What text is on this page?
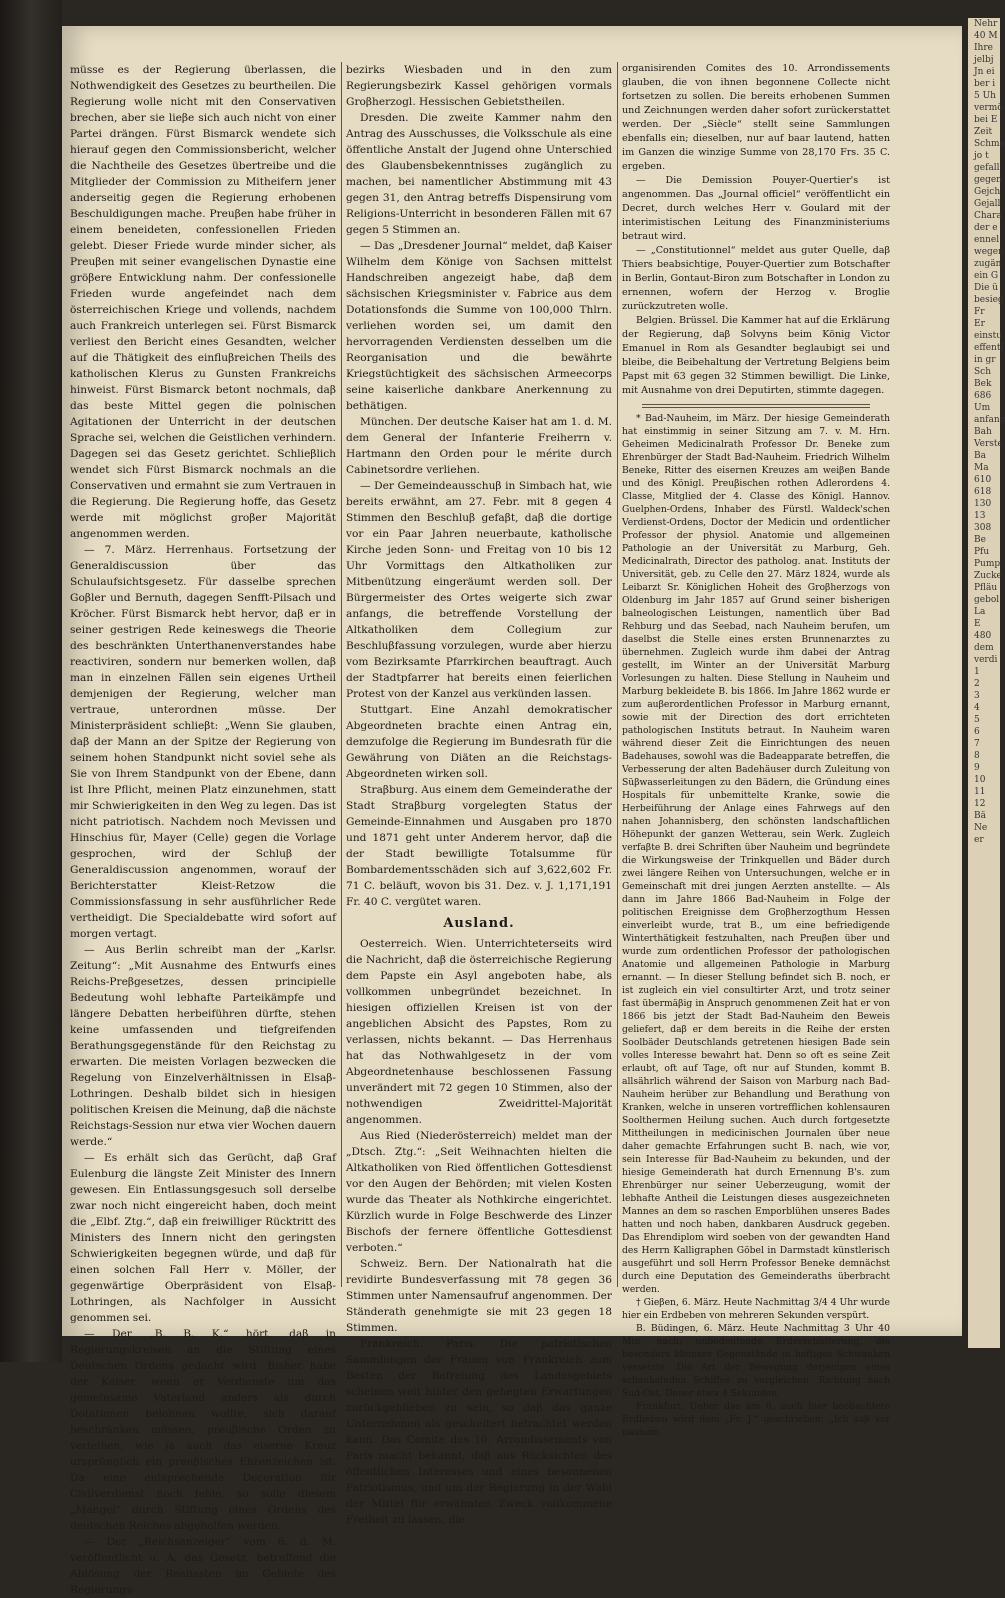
müsse es der Regierung überlassen, die Nothwendigkeit des Gesetzes zu beurtheilen. Die Regierung wolle nicht mit den Conservativen brechen, aber sie lieβe sich auch nicht von einer Partei drängen. Fürst Bismarck wendete sich hierauf gegen den Commissionsbericht, welcher die Nachtheile des Gesetzes übertreibe und die Mitglieder der Commission zu Mitheifern jener anderseitig gegen die Regierung erhobenen Beschuldigungen mache. Preuβen habe früher in einem beneideten, confessionellen Frieden gelebt. Dieser Friede wurde minder sicher, als Preuβen mit seiner evangelischen Dynastie eine gröβere Entwicklung nahm. Der confessionelle Frieden wurde angefeindet nach dem österreichischen Kriege und vollends, nachdem auch Frankreich unterlegen sei. Fürst Bismarck verliest den Bericht eines Gesandten, welcher auf die Thätigkeit des einfluβreichen Theils des katholischen Klerus zu Gunsten Frankreichs hinweist. Fürst Bismarck betont nochmals, daβ das beste Mittel gegen die polnischen Agitationen der Unterricht in der deutschen Sprache sei, welchen die Geistlichen verhindern. Dagegen sei das Gesetz gerichtet. Schlieβlich wendet sich Fürst Bismarck nochmals an die Conservativen und ermahnt sie zum Vertrauen in die Regierung. Die Regierung hoffe, das Gesetz werde mit möglichst groβer Majorität angenommen werden.

— 7. März. Herrenhaus. Fortsetzung der Generaldiscussion über das Schulaufsichtsgesetz. Für dasselbe sprechen Goβler und Bernuth, dagegen Senfft-Pilsach und Kröcher. Fürst Bismarck hebt hervor, daβ er in seiner gestrigen Rede keineswegs die Theorie des beschränkten Unterthanenverstandes habe reactiviren, sondern nur bemerken wollen, daβ man in einzelnen Fällen sein eigenes Urtheil demjenigen der Regierung, welcher man vertraue, unterordnen müsse. Der Ministerpräsident schlieβt: „Wenn Sie glauben, daβ der Mann an der Spitze der Regierung von seinem hohen Standpunkt nicht soviel sehe als Sie von Ihrem Standpunkt von der Ebene, dann ist Ihre Pflicht, meinen Platz einzunehmen, statt mir Schwierigkeiten in den Weg zu legen. Das ist nicht patriotisch. Nachdem noch Mevissen und Hinschius für, Mayer (Celle) gegen die Vorlage gesprochen, wird der Schluβ der Generaldiscussion angenommen, worauf der Berichterstatter Kleist-Retzow die Commissionsfassung in sehr ausführlicher Rede vertheidigt. Die Specialdebatte wird sofort auf morgen vertagt.

— Aus Berlin schreibt man der „Karlsr. Zeitung“: „Mit Ausnahme des Entwurfs eines Reichs-Preβgesetzes, dessen principielle Bedeutung wohl lebhafte Parteikämpfe und längere Debatten herbeiführen dürfte, stehen keine umfassenden und tiefgreifenden Berathungsgegenstände für den Reichstag zu erwarten. Die meisten Vorlagen bezwecken die Regelung von Einzelverhältnissen in Elsaβ-Lothringen. Deshalb bildet sich in hiesigen politischen Kreisen die Meinung, daβ die nächste Reichstags-Session nur etwa vier Wochen dauern werde.“

— Es erhält sich das Gerücht, daβ Graf Eulenburg die längste Zeit Minister des Innern gewesen. Ein Entlassungsgesuch soll derselbe zwar noch nicht eingereicht haben, doch meint die „Elbf. Ztg.“, daβ ein freiwilliger Rücktritt des Ministers des Innern nicht den geringsten Schwierigkeiten begegnen würde, und daβ für einen solchen Fall Herr v. Möller, der gegenwärtige Oberpräsident von Elsaβ-Lothringen, als Nachfolger in Aussicht genommen sei.

— Der „B. B. K.“ hört, daβ in Regierungskreisen an die Stiftung eines Deutschen Ordens gedacht wird. Bisher habe der Kaiser, wenn er Verdienste um das gemeinsame Vaterland anders als durch Dotationen belohnen wollte, sich darauf beschränken müssen, preuβische Orden zu verleihen, wie ja auch das eiserne Kreuz ursprünglich ein preuβisches Ehrenzeichen ist. Da eine entsprechende Decoration für Civilverdienst noch fehle, so solle diesem „Mangel“ durch Stiftung eines Ordens des deutschen Reiches abgeholfen werden.

— Der „Reichsanzeiger“ vom 6. d. M. veröffentlicht u. A. das Gesetz, betreffend die Ablösung der Reallasten im Gebiete des Regierungs-

bezirks Wiesbaden und in den zum Regierungsbezirk Kassel gehörigen vormals Groβherzogl. Hessischen Gebietstheilen.

Dresden. Die zweite Kammer nahm den Antrag des Ausschusses, die Volksschule als eine öffentliche Anstalt der Jugend ohne Unterschied des Glaubensbekenntnisses zugänglich zu machen, bei namentlicher Abstimmung mit 43 gegen 31, den Antrag betreffs Dispensirung vom Religions-Unterricht in besonderen Fällen mit 67 gegen 5 Stimmen an.

— Das „Dresdener Journal“ meldet, daβ Kaiser Wilhelm dem Könige von Sachsen mittelst Handschreiben angezeigt habe, daβ dem sächsischen Kriegsminister v. Fabrice aus dem Dotationsfonds die Summe von 100,000 Thlrn. verliehen worden sei, um damit den hervorragenden Verdiensten desselben um die Reorganisation und die bewährte Kriegstüchtigkeit des sächsischen Armeecorps seine kaiserliche dankbare Anerkennung zu bethätigen.

München. Der deutsche Kaiser hat am 1. d. M. dem General der Infanterie Freiherrn v. Hartmann den Orden pour le mérite durch Cabinetsordre verliehen.

— Der Gemeindeausschuβ in Simbach hat, wie bereits erwähnt, am 27. Febr. mit 8 gegen 4 Stimmen den Beschluβ gefaβt, daβ die dortige vor ein Paar Jahren neuerbaute, katholische Kirche jeden Sonn- und Freitag von 10 bis 12 Uhr Vormittags den Altkatholiken zur Mitbenützung eingeräumt werden soll. Der Bürgermeister des Ortes weigerte sich zwar anfangs, die betreffende Vorstellung der Altkatholiken dem Collegium zur Beschluβfassung vorzulegen, wurde aber hierzu vom Bezirksamte Pfarrkirchen beauftragt. Auch der Stadtpfarrer hat bereits einen feierlichen Protest von der Kanzel aus verkünden lassen.

Stuttgart. Eine Anzahl demokratischer Abgeordneten brachte einen Antrag ein, demzufolge die Regierung im Bundesrath für die Gewährung von Diäten an die Reichstags-Abgeordneten wirken soll.

Straβburg. Aus einem dem Gemeinderathe der Stadt Straβburg vorgelegten Status der Gemeinde-Einnahmen und Ausgaben pro 1870 und 1871 geht unter Anderem hervor, daβ die der Stadt bewilligte Totalsumme für Bombardementsschäden sich auf 3,622,602 Fr. 71 C. beläuft, wovon bis 31. Dez. v. J. 1,171,191 Fr. 40 C. vergütet waren.

Ausland.

Oesterreich. Wien. Unterrichteterseits wird die Nachricht, daβ die österreichische Regierung dem Papste ein Asyl angeboten habe, als vollkommen unbegründet bezeichnet. In hiesigen offiziellen Kreisen ist von der angeblichen Absicht des Papstes, Rom zu verlassen, nichts bekannt. — Das Herrenhaus hat das Nothwahlgesetz in der vom Abgeordnetenhause beschlossenen Fassung unverändert mit 72 gegen 10 Stimmen, also der nothwendigen Zweidrittel-Majorität angenommen.

Aus Ried (Niederösterreich) meldet man der „Dtsch. Ztg.“: „Seit Weihnachten hielten die Altkatholiken von Ried öffentlichen Gottesdienst vor den Augen der Behörden; mit vielen Kosten wurde das Theater als Nothkirche eingerichtet. Kürzlich wurde in Folge Beschwerde des Linzer Bischofs der fernere öffentliche Gottesdienst verboten.“

Schweiz. Bern. Der Nationalrath hat die revidirte Bundesverfassung mit 78 gegen 36 Stimmen unter Namensaufruf angenommen. Der Ständerath genehmigte sie mit 23 gegen 18 Stimmen.

Frankreich. Paris. Die patriotischen Sammlungen der Frauen von Frankreich zum Besten der Befreiung des Landesgebiets scheinen weit hinter den gehegten Erwartungen zurückgeblieben zu sein, so daβ das ganze Unternehmen als gescheitert betrachtet werden kann. Das Comite des 10. Arrondissements von Paris macht bekannt, daβ aus Rücksichten des öffentlichen Interesses und eines besonnenen Patriotismus, und um der Regierung in der Wahl der Mittel für erwähnten Zweck vollkommene Freiheit zu lassen, die

organisirenden Comites des 10. Arrondissements glauben, die von ihnen begonnene Collecte nicht fortsetzen zu sollen. Die bereits erhobenen Summen und Zeichnungen werden daher sofort zurückerstattet werden. Der „Siècle“ stellt seine Sammlungen ebenfalls ein; dieselben, nur auf baar lautend, hatten im Ganzen die winzige Summe von 28,170 Frs. 35 C. ergeben.

— Die Demission Pouyer-Quertier's ist angenommen. Das „Journal officiel“ veröffentlicht ein Decret, durch welches Herr v. Goulard mit der interimistischen Leitung des Finanzministeriums betraut wird.

— „Constitutionnel“ meldet aus guter Quelle, daβ Thiers beabsichtige, Pouyer-Quertier zum Botschafter in Berlin, Gontaut-Biron zum Botschafter in London zu ernennen, wofern der Herzog v. Broglie zurückzutreten wolle.

Belgien. Brüssel. Die Kammer hat auf die Erklärung der Regierung, daβ Solvyns beim König Victor Emanuel in Rom als Gesandter beglaubigt sei und bleibe, die Beibehaltung der Vertretung Belgiens beim Papst mit 63 gegen 32 Stimmen bewilligt. Die Linke, mit Ausnahme von drei Deputirten, stimmte dagegen.

* Bad-Nauheim, im März. Der hiesige Gemeinderath hat einstimmig in seiner Sitzung am 7. v. M. Hrn. Geheimen Medicinalrath Professor Dr. Beneke zum Ehrenbürger der Stadt Bad-Nauheim. Friedrich Wilhelm Beneke, Ritter des eisernen Kreuzes am weiβen Bande und des Königl. Preuβischen rothen Adlerordens 4. Classe, Mitglied der 4. Classe des Königl. Hannov. Guelphen-Ordens, Inhaber des Fürstl. Waldeck'schen Verdienst-Ordens, Doctor der Medicin und ordentlicher Professor der physiol. Anatomie und allgemeinen Pathologie an der Universität zu Marburg, Geh. Medicinalrath, Director des patholog. anat. Instituts der Universität, geb. zu Celle den 27. März 1824, wurde als Leibarzt Sr. Königlichen Hoheit des Groβherzogs von Oldenburg im Jahr 1857 auf Grund seiner bisherigen balneologischen Leistungen, namentlich über Bad Rehburg und das Seebad, nach Nauheim berufen, um daselbst die Stelle eines ersten Brunnenarztes zu übernehmen. Zugleich wurde ihm dabei der Antrag gestellt, im Winter an der Universität Marburg Vorlesungen zu halten. Diese Stellung in Nauheim und Marburg bekleidete B. bis 1866. Im Jahre 1862 wurde er zum auβerordentlichen Professor in Marburg ernannt, sowie mit der Direction des dort errichteten pathologischen Instituts betraut. In Nauheim waren während dieser Zeit die Einrichtungen des neuen Badehauses, sowohl was die Badeapparate betreffen, die Verbesserung der alten Badehäuser durch Zuleitung von Süβwasserleitungen zu den Bädern, die Gründung eines Hospitals für unbemittelte Kranke, sowie die Herbeiführung der Anlage eines Fahrwegs auf den nahen Johannisberg, den schönsten landschaftlichen Höhepunkt der ganzen Wetterau, sein Werk. Zugleich verfaβte B. drei Schriften über Nauheim und begründete die Wirkungsweise der Trinkquellen und Bäder durch zwei längere Reihen von Untersuchungen, welche er in Gemeinschaft mit drei jungen Aerzten anstellte. — Als dann im Jahre 1866 Bad-Nauheim in Folge der politischen Ereignisse dem Groβherzogthum Hessen einverleibt wurde, trat B., um eine befriedigende Winterthätigkeit festzuhalten, nach Preuβen über und wurde zum ordentlichen Professor der pathologischen Anatomie und allgemeinen Pathologie in Marburg ernannt. — In dieser Stellung befindet sich B. noch, er ist zugleich ein viel consultirter Arzt, und trotz seiner fast übermäβig in Anspruch genommenen Zeit hat er von 1866 bis jetzt der Stadt Bad-Nauheim den Beweis geliefert, daβ er dem bereits in die Reihe der ersten Soolbäder Deutschlands getretenen hiesigen Bade sein volles Interesse bewahrt hat. Denn so oft es seine Zeit erlaubt, oft auf Tage, oft nur auf Stunden, kommt B. allsährlich während der Saison von Marburg nach Bad-Nauheim herüber zur Behandlung und Berathung von Kranken, welche in unseren vortrefflichen kohlensauren Soolthermen Heilung suchen. Auch durch fortgesetzte Mittheilungen in medicinischen Journalen über neue daher gemachte Erfahrungen sucht B. nach, wie vor, sein Interesse für Bad-Nauheim zu bekunden, und der hiesige Gemeinderath hat durch Ernennung B's. zum Ehrenbürger nur seiner Ueberzeugung, womit der lebhafte Antheil die Leistungen dieses ausgezeichneten Mannes an dem so raschen Emporblühen unseres Bades hatten und noch haben, dankbaren Ausdruck gegeben. Das Ehrendiplom wird soeben von der gewandten Hand des Herrn Kalligraphen Göbel in Darmstadt künstlerisch ausgeführt und soll Herrn Professor Beneke demnächst durch eine Deputation des Gemeinderaths überbracht werden.

† Gieβen, 6. März. Heute Nachmittag 3/4 4 Uhr wurde hier ein Erdbeben von mehreren Sekunden verspürt.

B. Büdingen, 6. März. Heute Nachmittag 3 Uhr 40 Min. nach; unbedeutende Erderschütterung, die besonders kleinere Gegenstände in heftiges Schwanken versetzte. Die Art der Bewegung derjenigen eines schaukelnden Schiffes zu vergleichen. Richtung nach Sud-Ost. Dauer etwa 4 Sekunden.

Frankfurt. Ueber das am 6. auch hier beobachtete Erdbeben wird dem „Fr. J.“ geschrieben: „Ich saβ vor meinem

Nehr
40 M
Ihre
jelbj
Jn ei
ber i
5 Uh
vermö
bei E
Zeit
Schme
jo t
gefall
gegen
Gejch
Gejall
Chara
der e
ennel
wegen
zugän
ein G
Die ü
besieg
Fr
Er
einstu
effentl
in gr
Sch
Bek
686
Um
anfang
Bah
Verste
Ba
Ma
610
618
130
13
308
Be
Pfu
Pump
Zucke
Pfläu
gebol
La
E
480
dem
verdi
1
2
3
4
5
6
7
8
9
10
11
12
Bä
Ne
er
